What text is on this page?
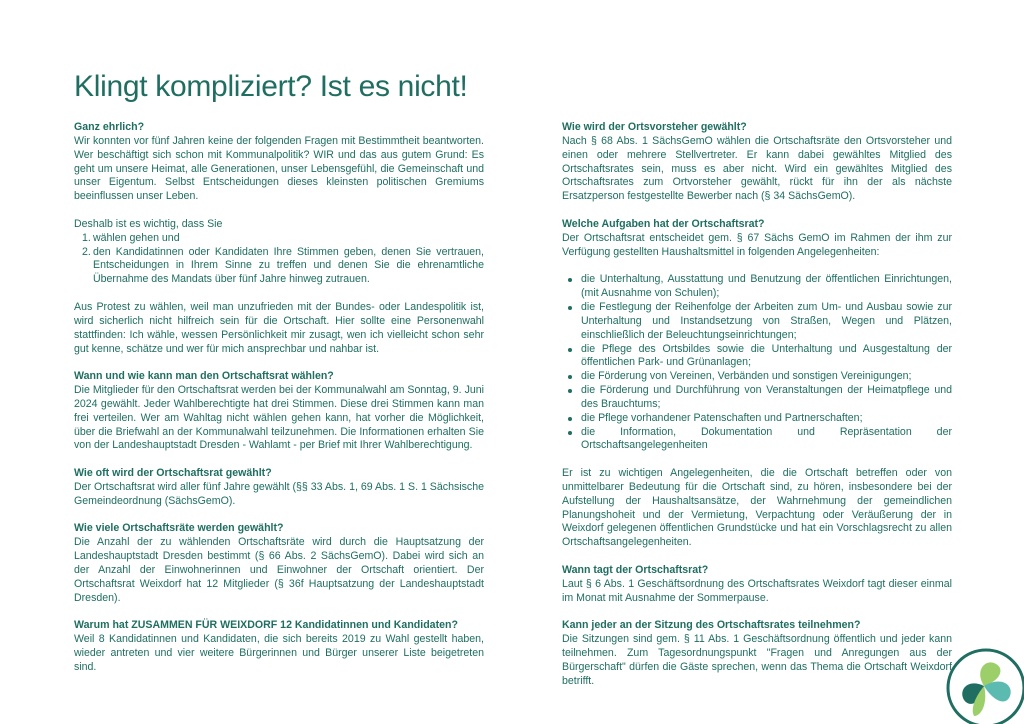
Klingt kompliziert? Ist es nicht!

Ganz ehrlich?

Wir konnten vor fünf Jahren keine der folgenden Fragen mit Bestimmtheit beantworten. Wer beschäftigt sich schon mit Kommunalpolitik? WIR und das aus gutem Grund: Es geht um unsere Heimat, alle Generationen, unser Lebensgefühl, die Gemeinschaft und unser Eigentum. Selbst Entscheidungen dieses kleinsten politischen Gremiums beeinflussen unser Leben.

Deshalb ist es wichtig, dass Sie

1. wählen gehen und
2. den Kandidatinnen oder Kandidaten Ihre Stimmen geben, denen Sie vertrauen, Entscheidungen in Ihrem Sinne zu treffen und denen Sie die ehrenamtliche Übernahme des Mandats über fünf Jahre hinweg zutrauen.

Aus Protest zu wählen, weil man unzufrieden mit der Bundes- oder Landespolitik ist, wird sicherlich nicht hilfreich sein für die Ortschaft. Hier sollte eine Personenwahl stattfinden: Ich wähle, wessen Persönlichkeit mir zusagt, wen ich vielleicht schon sehr gut kenne, schätze und wer für mich ansprechbar und nahbar ist.

Wann und wie kann man den Ortschaftsrat wählen?

Die Mitglieder für den Ortschaftsrat werden bei der Kommunalwahl am Sonntag, 9. Juni 2024 gewählt. Jeder Wahlberechtigte hat drei Stimmen. Diese drei Stimmen kann man frei verteilen. Wer am Wahltag nicht wählen gehen kann, hat vorher die Möglichkeit, über die Briefwahl an der Kommunalwahl teilzunehmen. Die Informationen erhalten Sie von der Landeshauptstadt Dresden - Wahlamt - per Brief mit Ihrer Wahlberechtigung.

Wie oft wird der Ortschaftsrat gewählt?

Der Ortschaftsrat wird aller fünf Jahre gewählt (§§ 33 Abs. 1, 69 Abs. 1 S. 1 Sächsische Gemeindeordnung (SächsGemO).

Wie viele Ortschaftsräte werden gewählt?

Die Anzahl der zu wählenden Ortschaftsräte wird durch die Hauptsatzung der Landeshauptstadt Dresden bestimmt (§ 66 Abs. 2 SächsGemO). Dabei wird sich an der Anzahl der Einwohnerinnen und Einwohner der Ortschaft orientiert. Der Ortschaftsrat Weixdorf hat 12 Mitglieder (§ 36f Hauptsatzung der Landeshauptstadt Dresden).

Warum hat ZUSAMMEN FÜR WEIXDORF 12 Kandidatinnen und Kandidaten?

Weil 8 Kandidatinnen und Kandidaten, die sich bereits 2019 zu Wahl gestellt haben, wieder antreten und vier weitere Bürgerinnen und Bürger unserer Liste beigetreten sind.

Wie wird der Ortsvorsteher gewählt?

Nach § 68 Abs. 1 SächsGemO wählen die Ortschaftsräte den Ortsvorsteher und einen oder mehrere Stellvertreter. Er kann dabei gewähltes Mitglied des Ortschaftsrates sein, muss es aber nicht. Wird ein gewähltes Mitglied des Ortschaftsrates zum Ortvorsteher gewählt, rückt für ihn der als nächste Ersatzperson festgestellte Bewerber nach (§ 34 SächsGemO).

Welche Aufgaben hat der Ortschaftsrat?

Der Ortschaftsrat entscheidet gem. § 67 Sächs GemO im Rahmen der ihm zur Verfügung gestellten Haushaltsmittel in folgenden Angelegenheiten:

die Unterhaltung, Ausstattung und Benutzung der öffentlichen Einrichtungen, (mit Ausnahme von Schulen);
die Festlegung der Reihenfolge der Arbeiten zum Um- und Ausbau sowie zur Unterhaltung und Instandsetzung von Straßen, Wegen und Plätzen, einschließlich der Beleuchtungseinrichtungen;
die Pflege des Ortsbildes sowie die Unterhaltung und Ausgestaltung der öffentlichen Park- und Grünanlagen;
die Förderung von Vereinen, Verbänden und sonstigen Vereinigungen;
die Förderung und Durchführung von Veranstaltungen der Heimatpflege und des Brauchtums;
die Pflege vorhandener Patenschaften und Partnerschaften;
die Information, Dokumentation und Repräsentation der Ortschaftsangelegenheiten

Er ist zu wichtigen Angelegenheiten, die die Ortschaft betreffen oder von unmittelbarer Bedeutung für die Ortschaft sind, zu hören, insbesondere bei der Aufstellung der Haushaltsansätze, der Wahrnehmung der gemeindlichen Planungshoheit und der Vermietung, Verpachtung oder Veräußerung der in Weixdorf gelegenen öffentlichen Grundstücke und hat ein Vorschlagsrecht zu allen Ortschaftsangelegenheiten.

Wann tagt der Ortschaftsrat?

Laut § 6 Abs. 1 Geschäftsordnung des Ortschaftsrates Weixdorf tagt dieser einmal im Monat mit Ausnahme der Sommerpause.

Kann jeder an der Sitzung des Ortschaftsrates teilnehmen?

Die Sitzungen sind gem. § 11 Abs. 1 Geschäftsordnung öffentlich und jeder kann teilnehmen. Zum Tagesordnungspunkt "Fragen und Anregungen aus der Bürgerschaft" dürfen die Gäste sprechen, wenn das Thema die Ortschaft Weixdorf betrifft.
